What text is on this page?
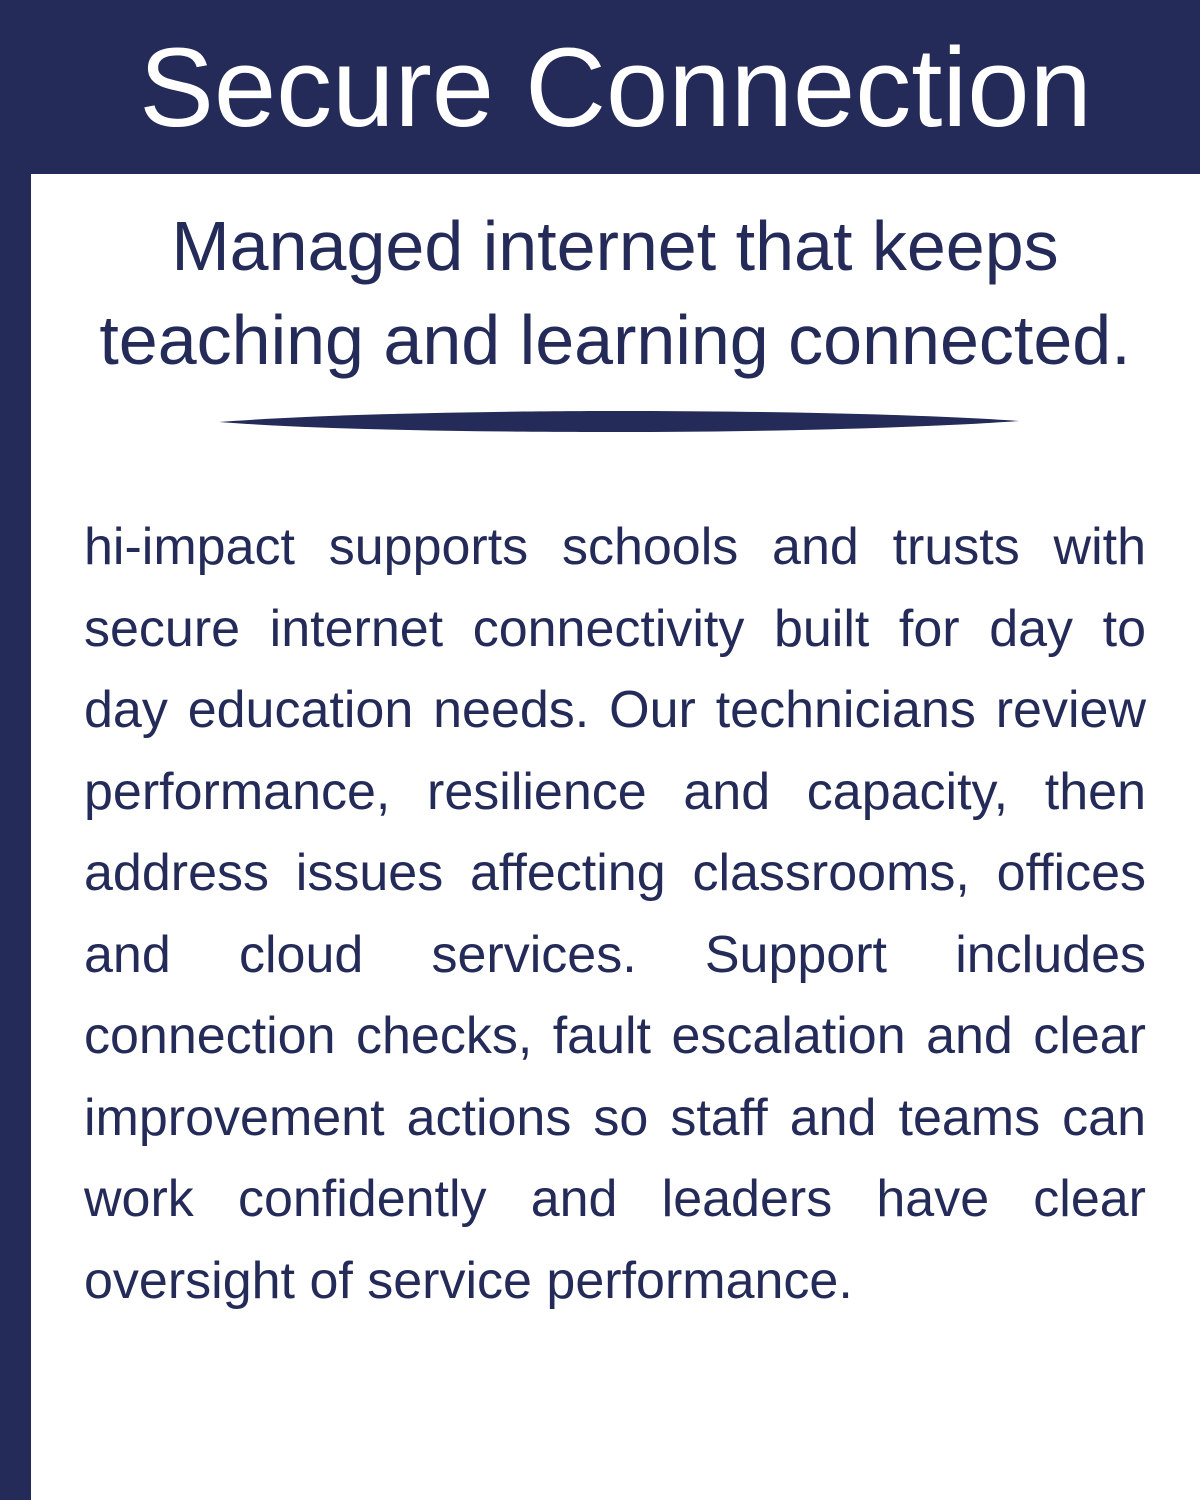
Secure Connection
Managed internet that keeps teaching and learning connected.

hi-impact supports schools and trusts with secure internet connectivity built for day to day education needs. Our technicians review performance, resilience and capacity, then address issues affecting classrooms, offices and cloud services. Support includes connection checks, fault escalation and clear improvement actions so staff and teams can work confidently and leaders have clear oversight of service performance.
